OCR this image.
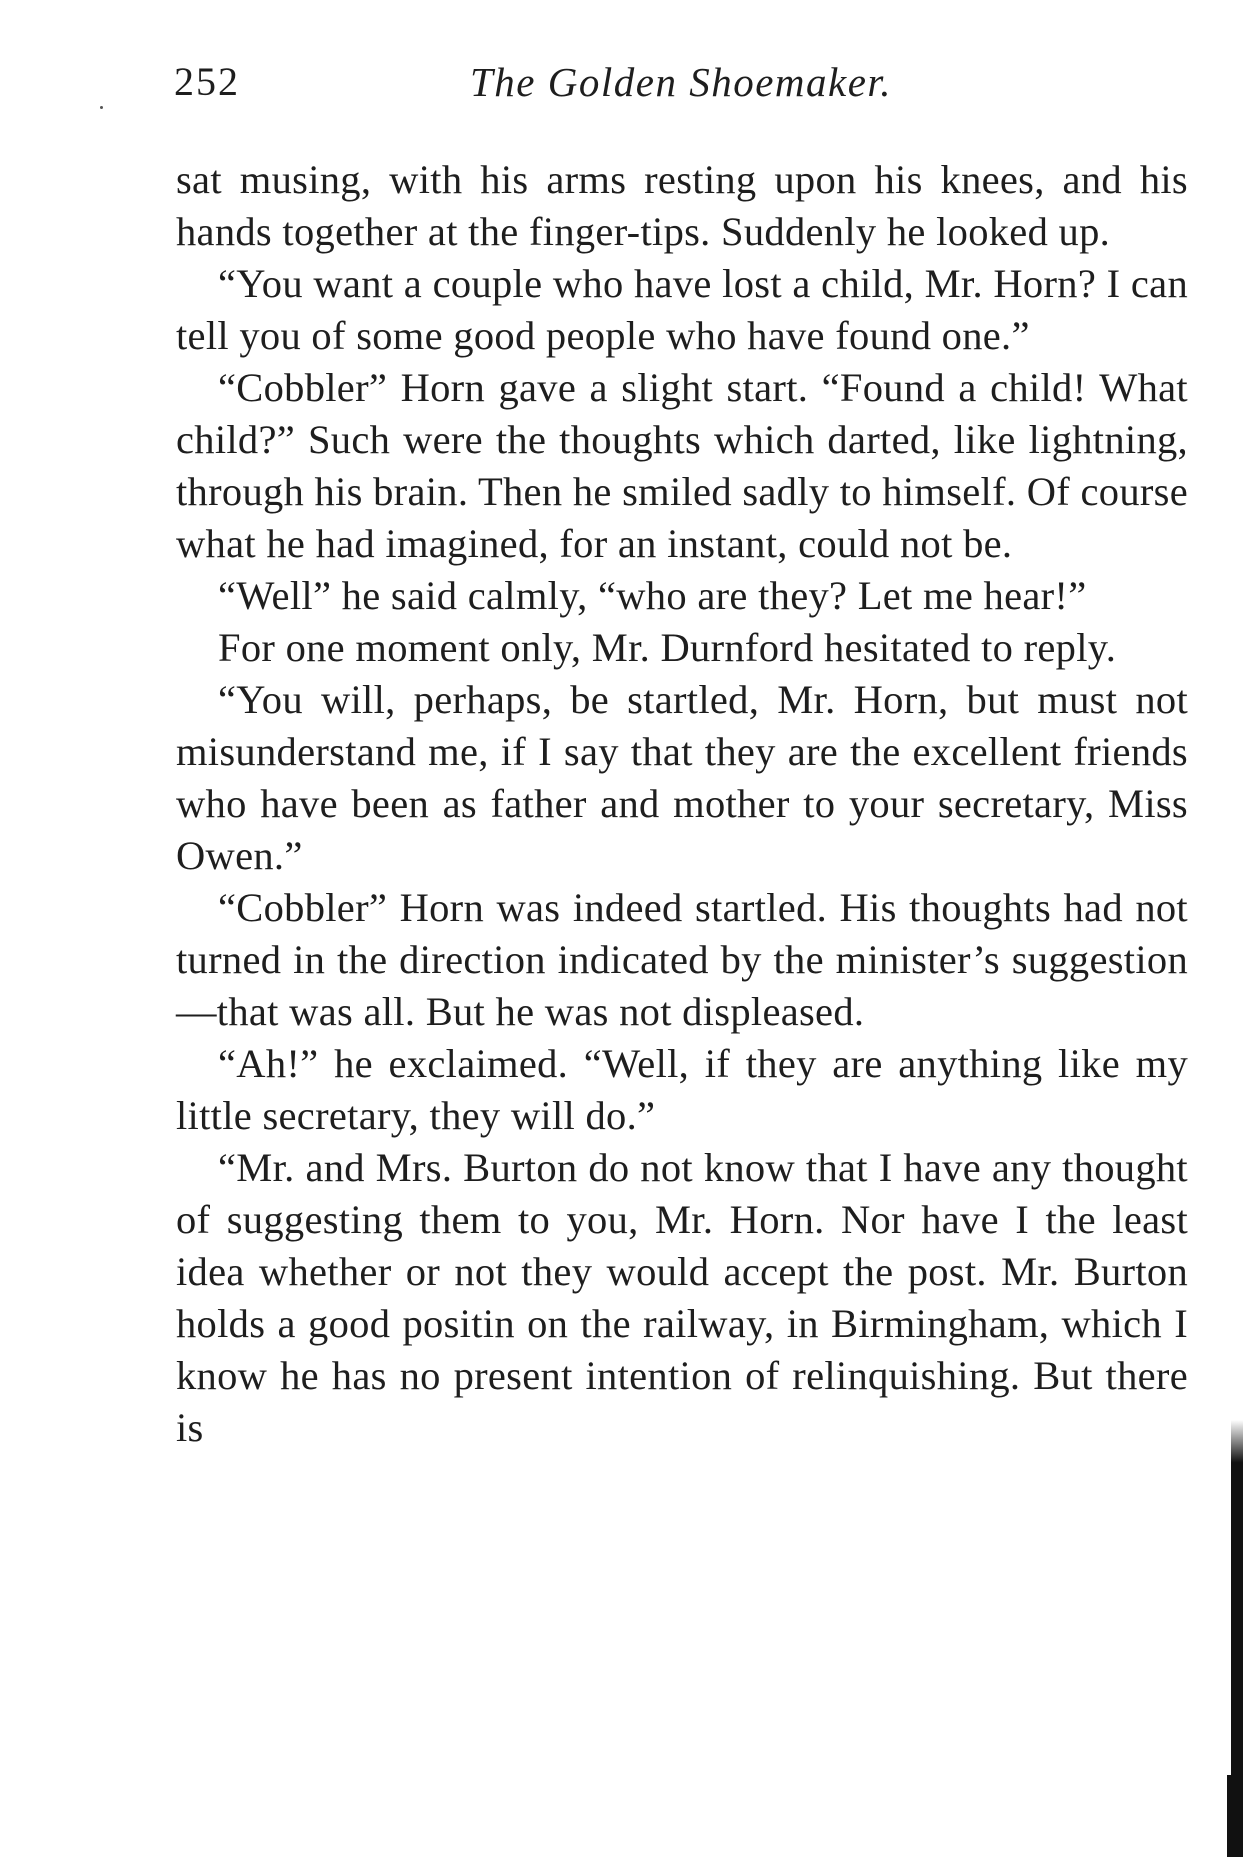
252	The Golden Shoemaker.

sat musing, with his arms resting upon his knees, and his hands together at the finger-tips. Suddenly he looked up.

“You want a couple who have lost a child, Mr. Horn? I can tell you of some good people who have found one.”

“Cobbler” Horn gave a slight start. “Found a child! What child?” Such were the thoughts which darted, like lightning, through his brain. Then he smiled sadly to himself. Of course what he had imagined, for an instant, could not be.

“Well” he said calmly, “who are they? Let me hear!”

For one moment only, Mr. Durnford hesitated to reply.

“You will, perhaps, be startled, Mr. Horn, but must not misunderstand me, if I say that they are the excellent friends who have been as father and mother to your secretary, Miss Owen.”

“Cobbler” Horn was indeed startled. His thoughts had not turned in the direction indicated by the minister’s suggestion—that was all. But he was not displeased.

“Ah!” he exclaimed. “Well, if they are anything like my little secretary, they will do.”

“Mr. and Mrs. Burton do not know that I have any thought of suggesting them to you, Mr. Horn. Nor have I the least idea whether or not they would accept the post. Mr. Burton holds a good positi͏n on the railway, in Birmingham, which I know he has no present intention of relinquishing. But there is
